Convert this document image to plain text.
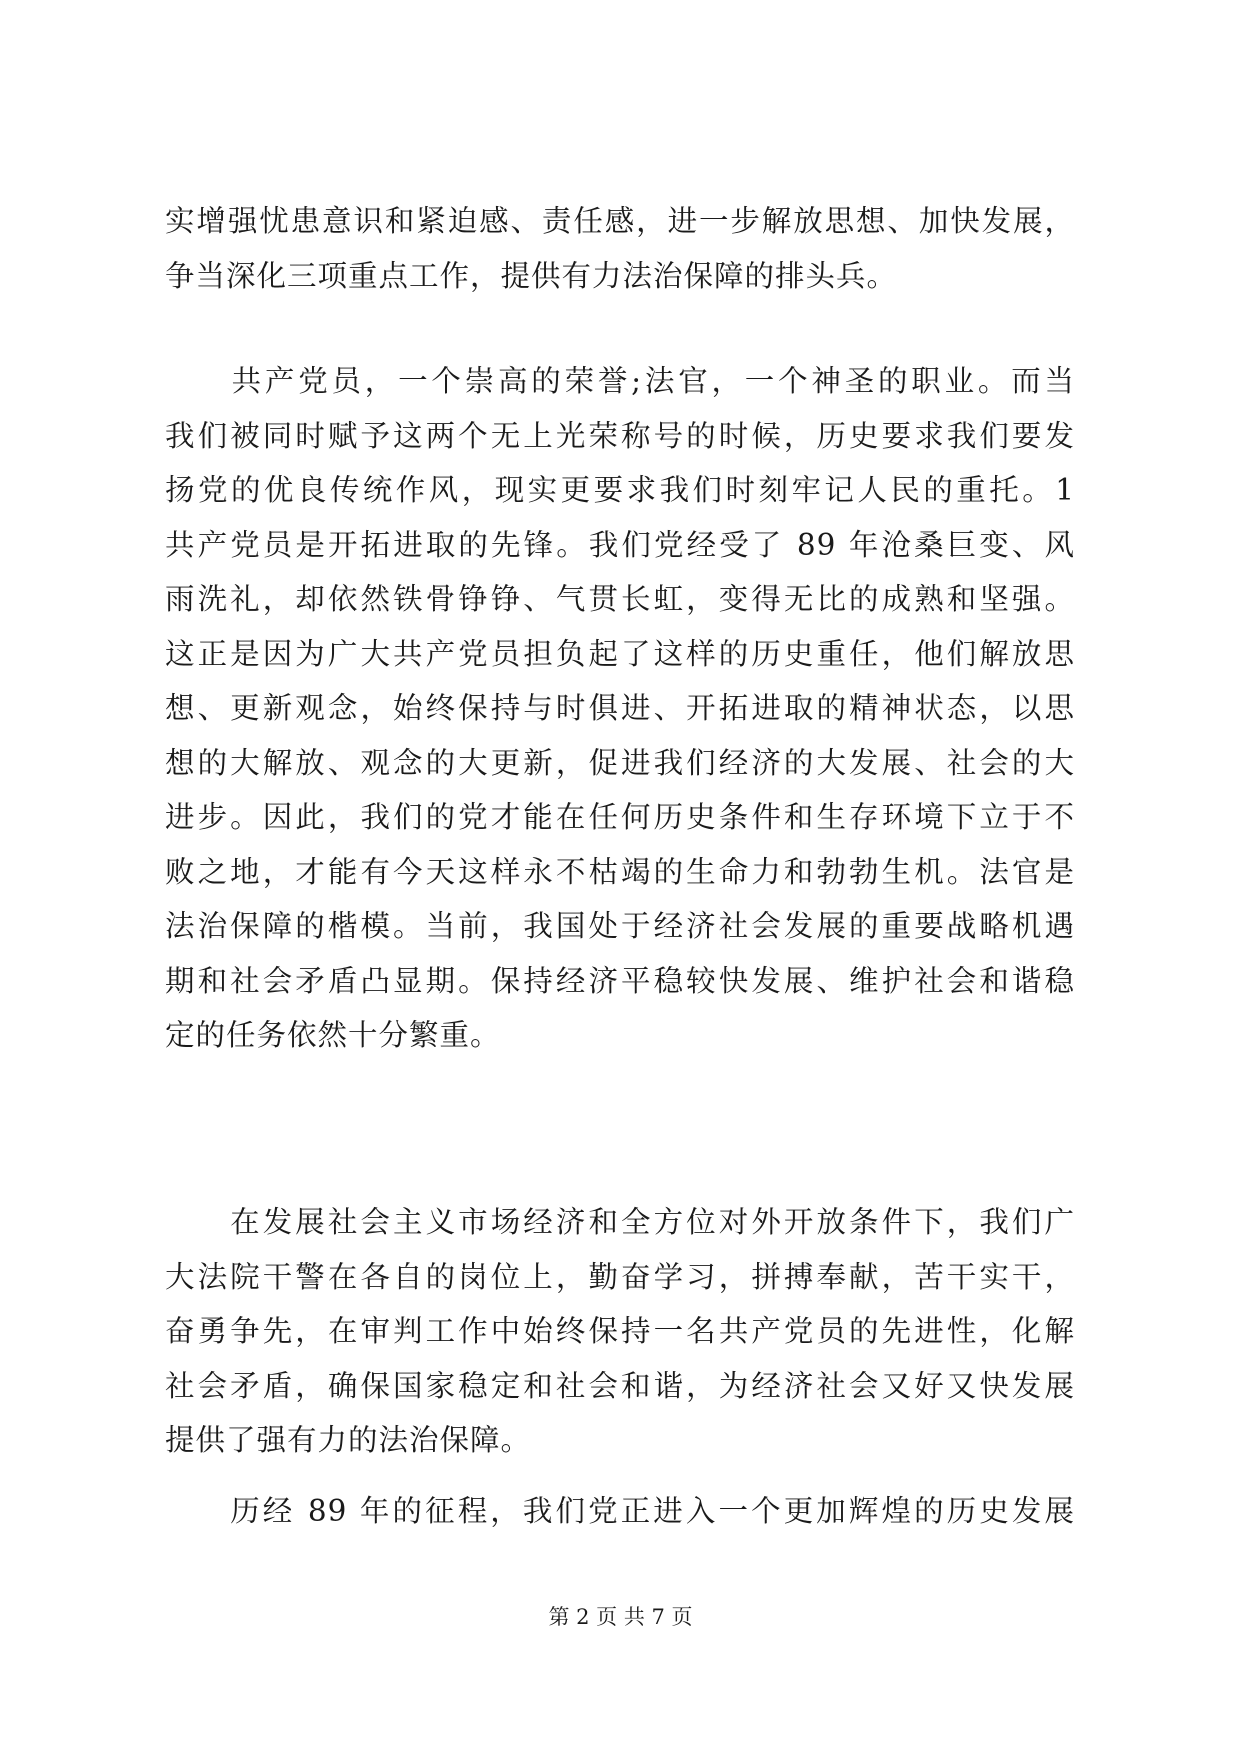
实增强忧患意识和紧迫感、责任感，进一步解放思想、加快发展，
争当深化三项重点工作，提供有力法治保障的排头兵。
　　共产党员，一个崇高的荣誉;法官，一个神圣的职业。而当
我们被同时赋予这两个无上光荣称号的时候，历史要求我们要发
扬党的优良传统作风，现实更要求我们时刻牢记人民的重托。1
共产党员是开拓进取的先锋。我们党经受了 89 年沧桑巨变、风
雨洗礼，却依然铁骨铮铮、气贯长虹，变得无比的成熟和坚强。
这正是因为广大共产党员担负起了这样的历史重任，他们解放思
想、更新观念，始终保持与时俱进、开拓进取的精神状态，以思
想的大解放、观念的大更新，促进我们经济的大发展、社会的大
进步。因此，我们的党才能在任何历史条件和生存环境下立于不
败之地，才能有今天这样永不枯竭的生命力和勃勃生机。法官是
法治保障的楷模。当前，我国处于经济社会发展的重要战略机遇
期和社会矛盾凸显期。保持经济平稳较快发展、维护社会和谐稳
定的任务依然十分繁重。
　　在发展社会主义市场经济和全方位对外开放条件下，我们广
大法院干警在各自的岗位上，勤奋学习，拼搏奉献，苦干实干，
奋勇争先，在审判工作中始终保持一名共产党员的先进性，化解
社会矛盾，确保国家稳定和社会和谐，为经济社会又好又快发展
提供了强有力的法治保障。
　　历经 89 年的征程，我们党正进入一个更加辉煌的历史发展
第 2 页 共 7 页
